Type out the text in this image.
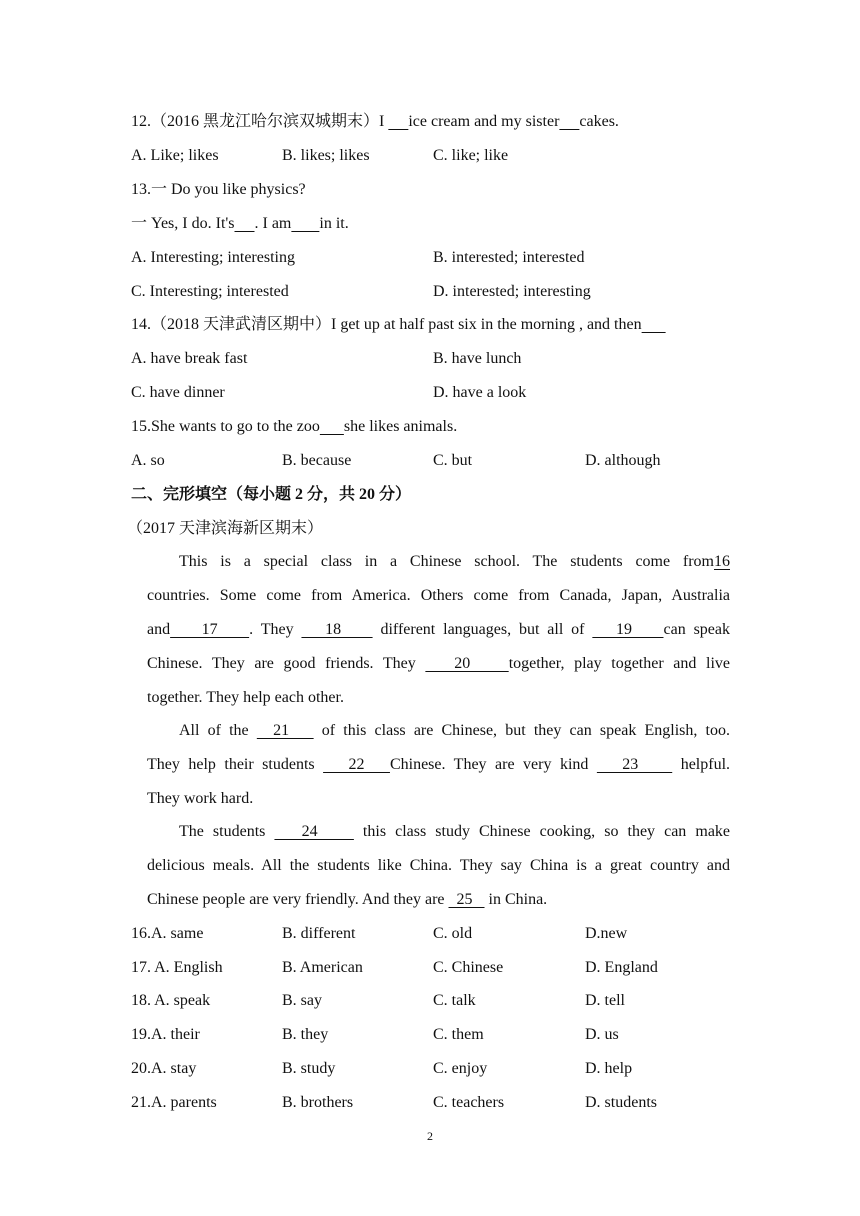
12.（2016 黑龙江哈尔滨双城期末）I      ice cream and my sister cakes.
A. Like; likes	B. likes; likes	C. like; like
13.一 Do you like physics?
一 Yes, I do. It's . I am in it.
A. Interesting; interesting	B. interested; interested
C. Interesting; interested	D. interested; interesting
14.（2018 天津武清区期中）I get up at half past six in the morning , and then
A. have break fast	B. have lunch
C. have dinner	D. have a look
15.She wants to go to the zoo she likes animals.
A. so	B. because	C. but	D. although
二、完形填空（每小题 2 分，共 20 分）
（2017 天津滨海新区期末）
This is a special class in a Chinese school. The students come from16
countries. Some come from America. Others come from Canada, Japan, Australia
and    17    . They    18     different languages, but all of    19    can speak
Chinese. They are good friends. They    20    together, play together and live
together. They help each other.
All of the   21    of this class are Chinese, but they can speak English, too.
They help their students    22   Chinese. They are very kind    23     helpful.
They work hard.
The students    24     this class study Chinese cooking, so they can make
delicious meals. All the students like China. They say China is a great country and
Chinese people are very friendly. And they are   25    in China.
16.A. same	B. different	C. old	D.new
17. A. English	B. American	C. Chinese	D. England
18. A. speak	B. say	C. talk	D. tell
19.A. their	B. they	C. them	D. us
20.A. stay	B. study	C. enjoy	D. help
21.A. parents	B. brothers	C. teachers	D. students
2
